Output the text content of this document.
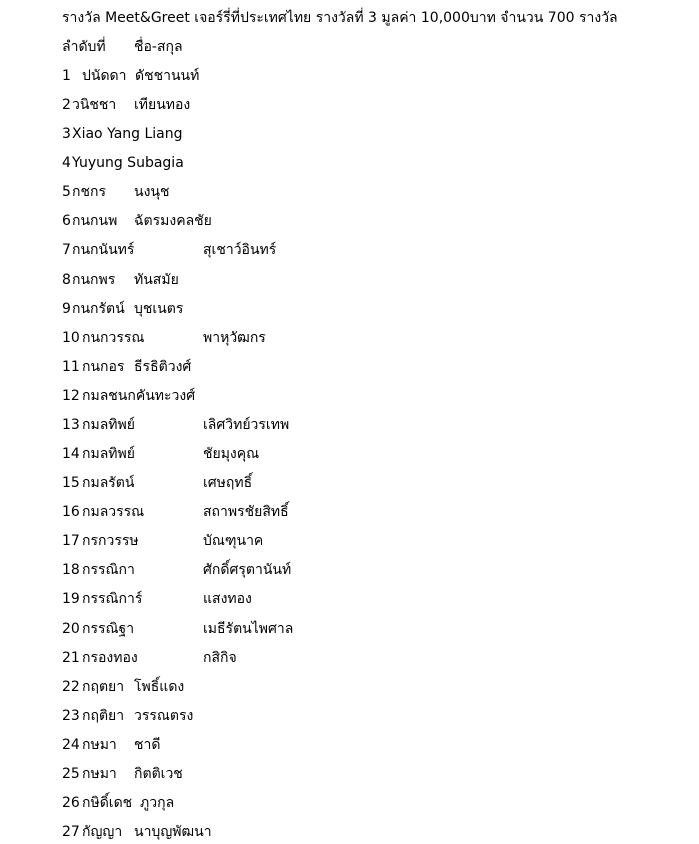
รางวัล Meet&Greet เจอร์รี่ที่ประเทศไทย รางวัลที่ 3 มูลค่า 10,000บาท จำนวน 700 รางวัล
ลำดับที่ ชื่อ-สกุล
1 ปนัดดา ดัชชานนท์
2 วนิชชา เทียนทอง
3 Xiao Yang Liang
4 Yuyung Subagia
5 กชกร นงนุช
6 กนกนพ ฉัตรมงคลชัย
7 กนกนันทร์	สุเชาว์อินทร์
8 กนกพร ทันสมัย
9 กนกรัตน์ บุชเนตร
10 กนกวรรณ	พาหุวัฒกร
11 กนกอร ธีรธิติวงศ์
12 กมลชนกคันทะวงศ์
13 กมลทิพย์	เลิศวิทย์วรเทพ
14 กมลทิพย์	ชัยมุงคุณ
15 กมลรัตน์	เศษฤทธิ์
16 กมลวรรณ	สถาพรชัยสิทธิ์
17 กรกวรรษ	บัณฑุนาค
18 กรรณิกา	ศักดิ์ศรุตานันท์
19 กรรณิการ์	แสงทอง
20 กรรณิฐา	เมธีรัตนไพศาล
21 กรองทอง	กสิกิจ
22 กฤตยา โพธิ์แดง
23 กฤติยา วรรณตรง
24 กษมา ชาดี
25 กษมา กิตติเวช
26 กษิดิ์เดช ภูวกุล
27 กัญญา นาบุญพัฒนา
